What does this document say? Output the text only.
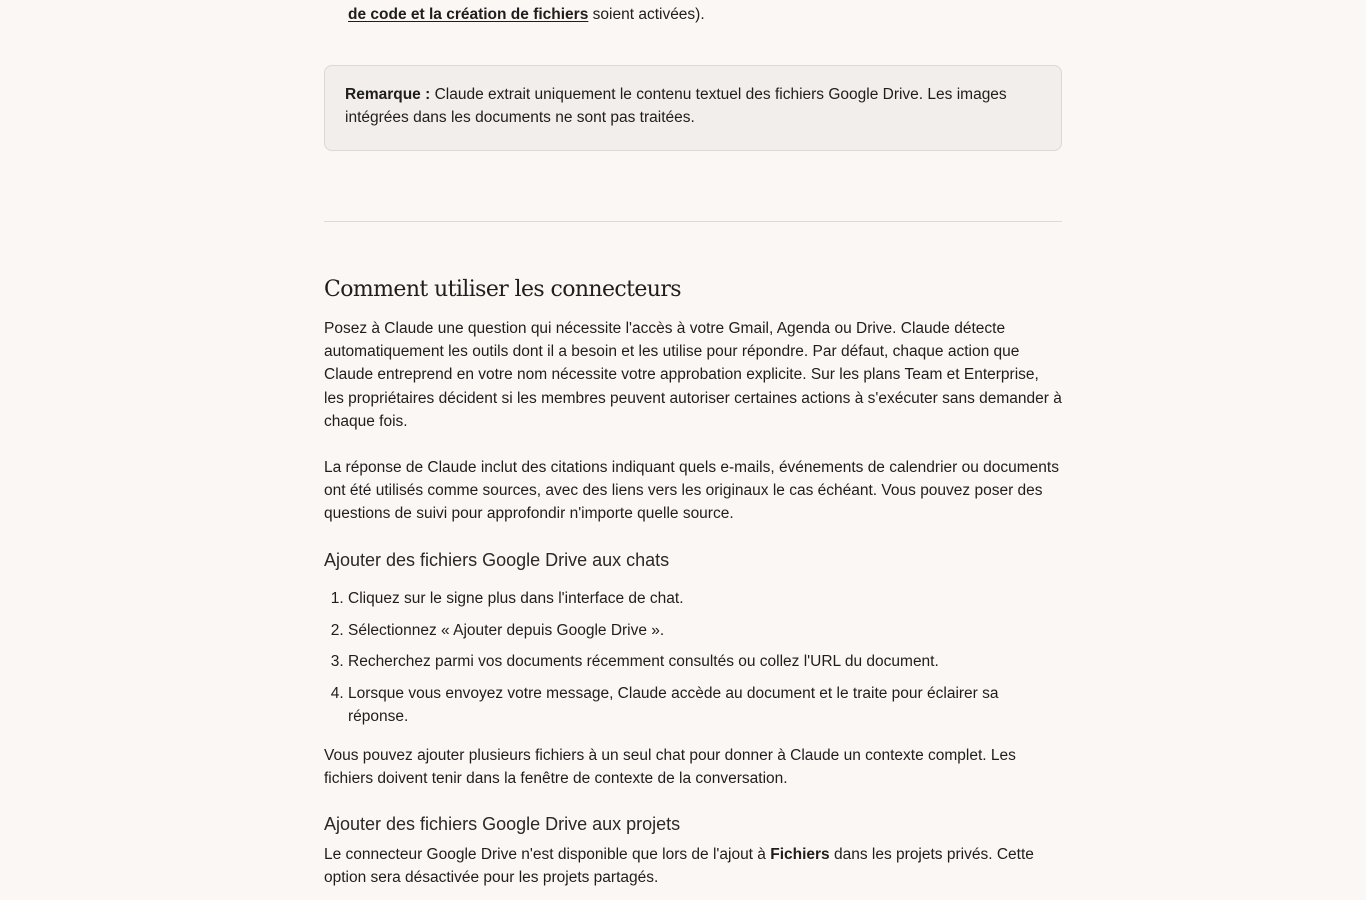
de code et la création de fichiers soient activées).

Remarque : Claude extrait uniquement le contenu textuel des fichiers Google Drive. Les images intégrées dans les documents ne sont pas traitées.
Comment utiliser les connecteurs

Posez à Claude une question qui nécessite l'accès à votre Gmail, Agenda ou Drive. Claude détecte automatiquement les outils dont il a besoin et les utilise pour répondre. Par défaut, chaque action que Claude entreprend en votre nom nécessite votre approbation explicite. Sur les plans Team et Enterprise, les propriétaires décident si les membres peuvent autoriser certaines actions à s'exécuter sans demander à chaque fois.

La réponse de Claude inclut des citations indiquant quels e-mails, événements de calendrier ou documents ont été utilisés comme sources, avec des liens vers les originaux le cas échéant. Vous pouvez poser des questions de suivi pour approfondir n'importe quelle source.

Ajouter des fichiers Google Drive aux chats
1. Cliquez sur le signe plus dans l'interface de chat.
2. Sélectionnez « Ajouter depuis Google Drive ».
3. Recherchez parmi vos documents récemment consultés ou collez l'URL du document.
4. Lorsque vous envoyez votre message, Claude accède au document et le traite pour éclairer sa réponse.

Vous pouvez ajouter plusieurs fichiers à un seul chat pour donner à Claude un contexte complet. Les fichiers doivent tenir dans la fenêtre de contexte de la conversation.

Ajouter des fichiers Google Drive aux projets

Le connecteur Google Drive n'est disponible que lors de l'ajout à Fichiers dans les projets privés. Cette option sera désactivée pour les projets partagés.
